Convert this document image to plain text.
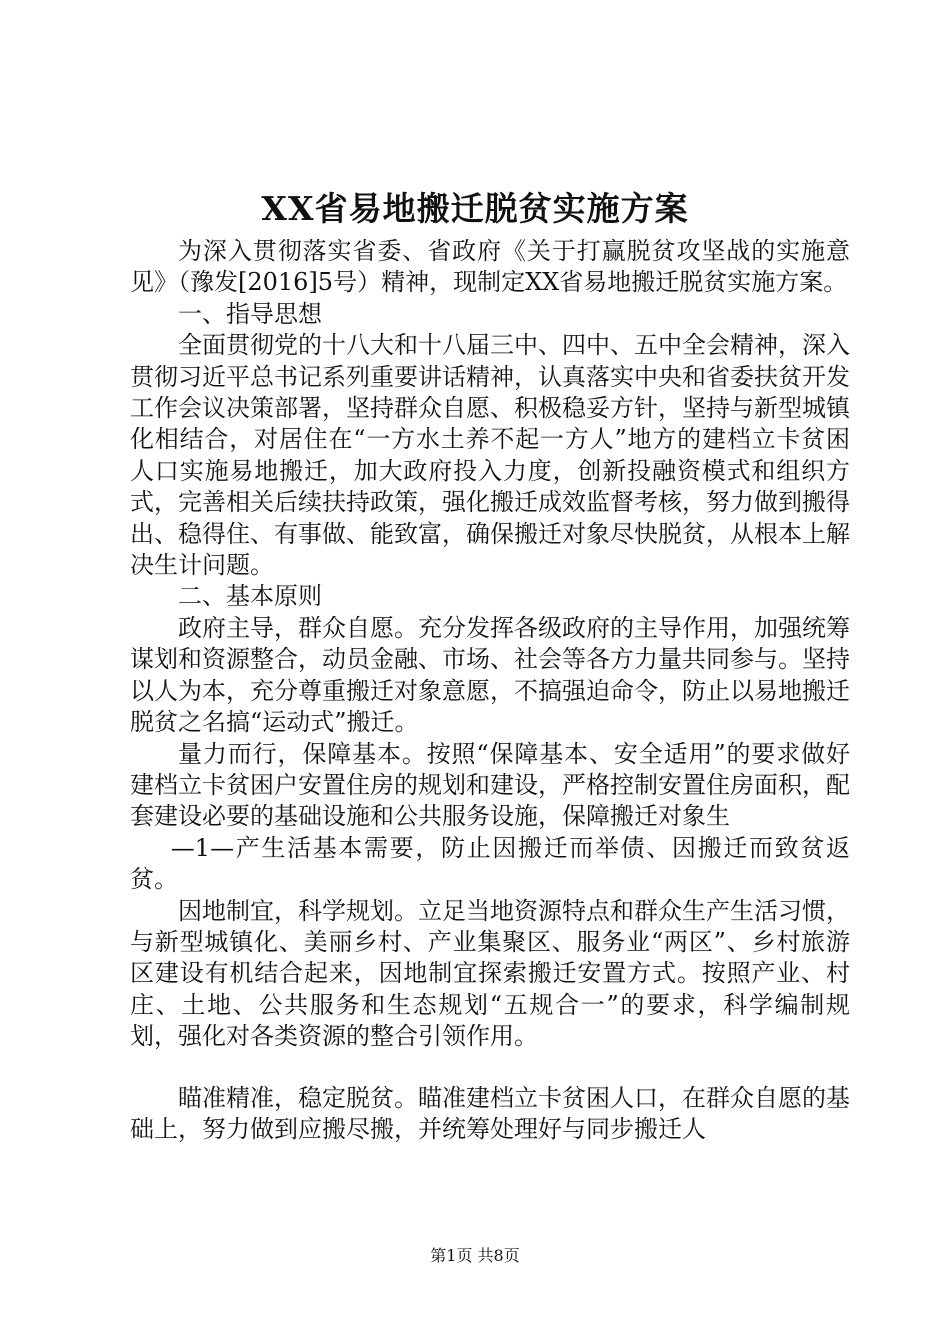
XX省易地搬迁脱贫实施方案

为深入贯彻落实省委、省政府《关于打赢脱贫攻坚战的实施意见》（豫发[2016]5号）精神，现制定XX省易地搬迁脱贫实施方案。

一、指导思想

全面贯彻党的十八大和十八届三中、四中、五中全会精神，深入贯彻习近平总书记系列重要讲话精神，认真落实中央和省委扶贫开发工作会议决策部署，坚持群众自愿、积极稳妥方针，坚持与新型城镇化相结合，对居住在“一方水土养不起一方人”地方的建档立卡贫困人口实施易地搬迁，加大政府投入力度，创新投融资模式和组织方式，完善相关后续扶持政策，强化搬迁成效监督考核，努力做到搬得出、稳得住、有事做、能致富，确保搬迁对象尽快脱贫，从根本上解决生计问题。

二、基本原则

政府主导，群众自愿。充分发挥各级政府的主导作用，加强统筹谋划和资源整合，动员金融、市场、社会等各方力量共同参与。坚持以人为本，充分尊重搬迁对象意愿，不搞强迫命令，防止以易地搬迁脱贫之名搞“运动式”搬迁。

量力而行，保障基本。按照“保障基本、安全适用”的要求做好建档立卡贫困户安置住房的规划和建设，严格控制安置住房面积，配套建设必要的基础设施和公共服务设施，保障搬迁对象生

—1—产生活基本需要，防止因搬迁而举债、因搬迁而致贫返贫。

因地制宜，科学规划。立足当地资源特点和群众生产生活习惯，与新型城镇化、美丽乡村、产业集聚区、服务业“两区”、乡村旅游区建设有机结合起来，因地制宜探索搬迁安置方式。按照产业、村庄、土地、公共服务和生态规划“五规合一”的要求，科学编制规划，强化对各类资源的整合引领作用。

瞄准精准，稳定脱贫。瞄准建档立卡贫困人口，在群众自愿的基础上，努力做到应搬尽搬，并统筹处理好与同步搬迁人

第1页 共8页
